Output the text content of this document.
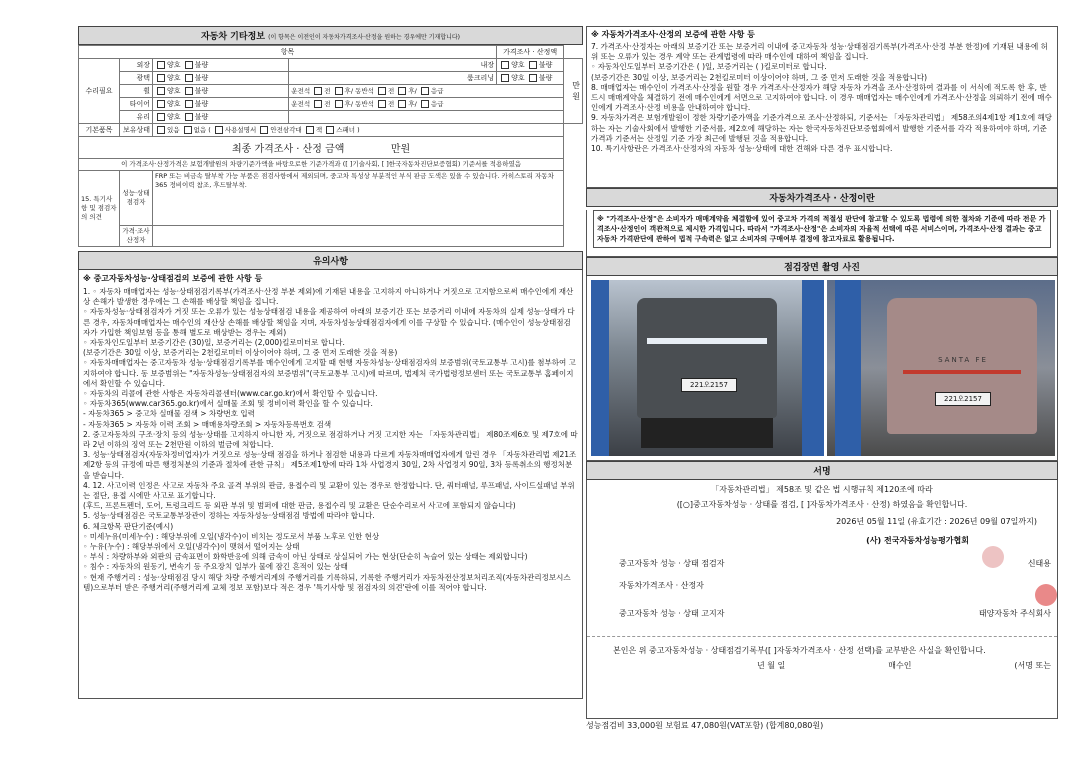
자동차 기타정보 (이 항목은 이전인이 자동차가격조사·산정을 원하는 경우에만 기재합니다)
항목				가격조사 · 산정액	
수리필요	외장	양호 불량	내장	양호 불량	만원
	광택	양호 불량	룸크리닝	양호 불량	
	휠	양호 불량	운전석 전 후/ 동반석 전 후/ 응급		
	타이어	양호 불량	운전석 전 후/ 동반석 전 후/ 응급		
	유리	양호 불량			
기본품목	보유상태	있음 없음 ( 사용설명서 안전삼각대 잭 스패너 )			
최종 가격조사 · 산정 금액 만원					
이 가격조사·산정가격은 보험개발원의 차량기준가액을 바탕으로한 기준가격과 ([ ]기술사회, [ ]한국자동차진단보증협회) 기준서를 적용하였음					
15. 특기사항 및 점검자의 의견	성능·상태 점검자	FRP 또는 비금속 탈부착 가능 부품은 점검사항에서 제외되며, 중고차 특성상 부분적인 부식 판금 도색은 있을 수 있습니다. 카히스토리 자동차365 정비이력 참조, 후드탈부착.			
	가격·조사 산정자				
유의사항
※ 중고자동차성능·상태점검의 보증에 관한 사항 등

1. ◦ 자동차 매매업자는 성능·상태점검기록부(가격조사·산정 부분 제외)에 기재된 내용을 고지하지 아니하거나 거짓으로 고지함으로써 매수인에게 재산상 손해가 발생한 경우에는 그 손해를 배상할 책임을 집니다.

◦ 자동차성능·상태점검자가 거짓 또는 오류가 있는 성능상태점검 내용을 제공하여 아래의 보증기간 또는 보증거리 이내에 자동차의 실제 성능·상태가 다른 경우, 자동차매매업자는 매수인의 재산상 손해를 배상할 책임을 지며, 자동차성능상태점검자에게 이를 구상할 수 있습니다. (매수인이 성능상태점검자가 가입한 책임보험 등을 통해 별도로 배상받는 경우는 제외)

◦ 자동차인도일부터 보증기간은 (30)일, 보증거리는 (2,000)킬로미터로 합니다.

(보증기간은 30일 이상, 보증거리는 2천킬로미터 이상이어야 하며, 그 중 먼저 도래한 것을 적용)

◦ 자동차매매업자는 중고자동차 성능·상태점검기록부를 매수인에게 고지할 때 현행 자동차성능·상태점검자의 보증범위(국토교통부 고시)를 첨부하여 고지하여야 합니다. 동 보증범위는 "자동차성능·상태점검자의 보증범위"(국토교통부 고시)에 따르며, 법제처 국가법령정보센터 또는 국토교통부 홈페이지에서 확인할 수 있습니다.

◦ 자동차의 리콜에 관한 사항은 자동차리콜센터(www.car.go.kr)에서 확인할 수 있습니다.

◦ 자동차365(www.car365.go.kr)에서 실매물 조회 및 정비이력 확인을 할 수 있습니다.

- 자동차365 > 중고차 실매물 검색 > 차량번호 입력

- 자동차365 > 자동차 이력 조회 > 매매용차량조회 > 자동차등록번호 검색

2. 중고자동차의 구조·장치 등의 성능·상태를 고지하지 아니한 자, 거짓으로 점검하거나 거짓 고지한 자는 「자동차관리법」 제80조제6호 및 제7호에 따라 2년 이하의 징역 또는 2천만원 이하의 벌금에 처합니다.

3. 성능·상태점검자(자동차정비업자)가 거짓으로 성능·상태 점검을 하거나 점검한 내용과 다르게 자동차매매업자에게 알린 경우 「자동차관리법 제21조제2항 등의 규정에 따른 행정처분의 기준과 절차에 관한 규칙」 제5조제1항에 따라 1차 사업경지 30일, 2차 사업정지 90일, 3차 등록취소의 행정처분을 받습니다.

4. 12. 사고이력 인정은 사고로 자동차 주요 골격 부위의 판금, 용접수리 및 교환이 있는 경우로 한정합니다. 단, 쿼터패널, 루프패널, 사이드실패널 부위는 절단, 용접 시에만 사고로 표기합니다.

(후드, 프론트펜더, 도어, 트렁크리드 등 외판 부위 및 범퍼에 대한 판금, 용접수리 및 교환은 단순수리로서 사고에 포함되지 않습니다)

5. 성능·상태점검은 국토교통부장관이 정하는 자동차성능·상태점검 방법에 따라야 합니다.

6. 체크항목 판단기준(예시)

◦ 미세누유(미세누수) : 해당부위에 오일(냉각수)이 비치는 정도로서 부품 노후로 인한 현상

◦ 누유(누수) : 해당부위에서 오일(냉각수)이 맺혀서 떨어지는 상태

◦ 부식 : 차량하부와 외판의 금속표면이 화학반응에 의해 금속이 아닌 상태로 상실되어 가는 현상(단순히 녹슬어 있는 상태는 제외합니다)

◦ 침수 : 자동차의 원동기, 변속기 등 주요장치 일부가 물에 잠긴 흔적이 있는 상태

◦ 현재 주행거리 : 성능·상태점검 당시 해당 차량 주행거리계의 주행거리를 기록하되, 기록한 주행거리가 자동차전산정보처리조직(자동차관리정보시스템)으로부터 받은 주행거리(주행거리계 교체 정보 포함)보다 적은 경우 '특기사항 및 점검자의 의견'란에 이를 적어야 합니다.

※ 자동차가격조사·산정의 보증에 관한 사항 등

7. 가격조사·산정자는 아래의 보증기간 또는 보증거리 이내에 중고자동차 성능·상태점검기록부(가격조사·산정 부분 한정)에 기재된 내용에 허위 또는 오류가 있는 경우 계약 또는 관계법령에 따라 매수인에 대하여 책임을 집니다.

◦ 자동차인도일부터 보증기간은 ( )일, 보증거리는 ( )킬로미터로 합니다.

(보증기간은 30일 이상, 보증거리는 2천킬로미터 이상이어야 하며, 그 중 먼저 도래한 것을 적용합니다)

8. 매매업자는 매수인이 가격조사·산정을 원할 경우 가격조사·산정자가 해당 자동차 가격을 조사·산정하여 결과를 이 서식에 적도록 한 후, 반드시 매매계약을 체결하기 전에 매수인에게 서면으로 고지하여야 합니다. 이 경우 매매업자는 매수인에게 가격조사·산정을 의뢰하기 전에 매수인에게 가격조사·산정 비용을 안내하여야 합니다.

9. 자동차가격은 보험개발원이 정한 차량기준가액을 기준가격으로 조사·산정하되, 기준서는 「자동차관리법」 제58조의4제1항 제1호에 해당하는 자는 기술사회에서 발행한 기준서를, 제2호에 해당하는 자는 한국자동차진단보증협회에서 발행한 기준서를 각각 적용하여야 하며, 기준가격과 기준서는 산정일 기준 가장 최근에 발행된 것을 적용합니다.

10. 특기사항란은 가격조사·산정자의 자동차 성능·상태에 대한 견해와 다른 경우 표시합니다.

자동차가격조사 · 산정이란
※ "가격조사·산정"은 소비자가 매매계약을 체결함에 있어 중고차 가격의 적절성 판단에 참고할 수 있도록 법령에 의한 절차와 기준에 따라 전문 가격조사·산정인이 객관적으로 제시한 가격입니다. 따라서 "가격조사·산정"은 소비자의 자율적 선택에 따른 서비스이며, 가격조사·산정 결과는 중고자동차 가격판단에 관하여 법적 구속력은 없고 소비자의 구매여부 결정에 참고자료로 활용됩니다.
점검장면 촬영 사진
221오2157
SANTA FE
221오2157
서명
「자동차관리법」 제58조 및 같은 법 시행규칙 제120조에 따라
([○]중고자동차성능 · 상태를 점검, [ ]자동차가격조사 · 산정) 하였음을 확인합니다.
2026년 05월 11일 (유효기간 : 2026년 09월 07일까지)
(사) 전국자동차성능평가협회
중고자동차 성능 · 상태 점검자	신태용
자동차가격조사 · 산정자
중고자동차 성능 · 상태 고지자	태양자동차 주식회사
본인은 위 중고자동차성능 · 상태점검기록부([ ]자동차가격조사 · 산정 선택)를 교부받은 사실을 확인합니다.
년 월 일	매수인	(서명 또는
성능점검비 33,000원 보험료 47,080원(VAT포함) (합계80,080원)
